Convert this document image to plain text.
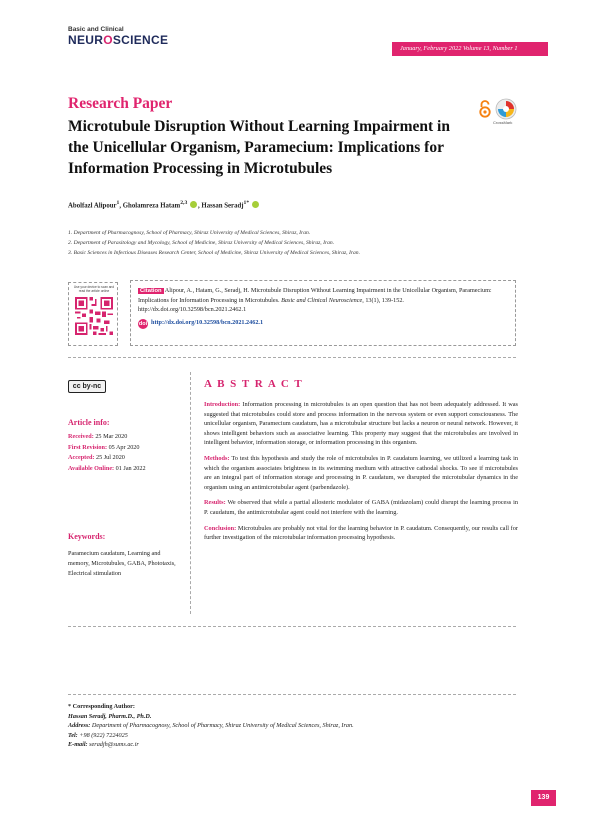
Basic and Clinical
NEUROSCIENCE
January, February 2022 Volume 13, Number 1
Research Paper
Microtubule Disruption Without Learning Impairment in the Unicellular Organism, Paramecium: Implications for Information Processing in Microtubules
CrossMark
Abolfazl Alipour$^1$, Gholamreza Hatam$^{2,3}$ , Hassan Seradj$^{1*}$
1. Department of Pharmacognosy, School of Pharmacy, Shiraz University of Medical Sciences, Shiraz, Iran.
2. Department of Parasitology and Mycology, School of Medicine, Shiraz University of Medical Sciences, Shiraz, Iran.
3. Basic Sciences in Infectious Diseases Research Center, School of Medicine, Shiraz University of Medical Sciences, Shiraz, Iran.
Use your device to scan and read the article online	Citation Alipour, A., Hatam, G., Seradj, H. Microtubule Disruption Without Learning Impairment in the Unicellular Organism, Paramecium: Implications for Information Processing in Microtubules. Basic and Clinical Neuroscience, 13(1), 139-152. http://dx.doi.org/10.32598/bcn.2021.2462.1
doi http://dx.doi.org/10.32598/bcn.2021.2462.1
cc by-nc
Article info:
Received: 25 Mar 2020
First Revision: 05 Apr 2020
Accepted: 25 Jul 2020
Available Online: 01 Jan 2022
Keywords:
Paramecium caudatum, Learning and memory, Microtubules, GABA, Phototaxis, Electrical stimulation
A B S T R A C T

Introduction: Information processing in microtubules is an open question that has not been adequately addressed. It was suggested that microtubules could store and process information in the nervous system or even support consciousness. The unicellular organism, Paramecium caudatum, has a microtubular structure but lacks a neuron or neural network. However, it shows intelligent behaviors such as associative learning. This property may suggest that the microtubules are involved in intelligent behavior, information storage, or information processing in this organism.

Methods: To test this hypothesis and study the role of microtubules in P. caudatum learning, we utilized a learning task in which the organism associates brightness in its swimming medium with attractive cathodal shocks. To see if microtubules are an integral part of information storage and processing in P. caudatum, we disrupted the microtubular dynamics in the organism using an antimicrotubular agent (parbendazole).

Results: We observed that while a partial allosteric modulator of GABA (midazolam) could disrupt the learning process in P. caudatum, the antimicrotubular agent could not interfere with the learning.

Conclusion: Microtubules are probably not vital for the learning behavior in P. caudatum. Consequently, our results call for further investigation of the microtubular information processing hypothesis.

* Corresponding Author:
Hassan Seradj, Pharm.D., Ph.D.
Address: Department of Pharmacognosy, School of Pharmacy, Shiraz University of Medical Sciences, Shiraz, Iran.
Tel: +98 (922) 7224025
E-mail: seradjh@sums.ac.ir
139
